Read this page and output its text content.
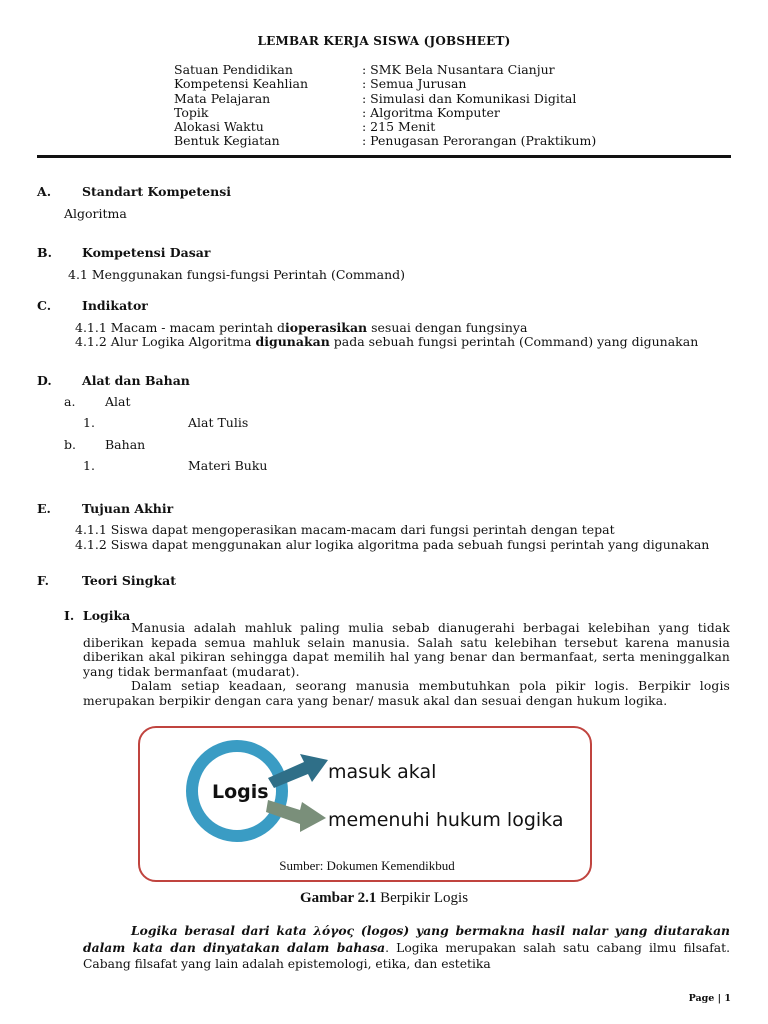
LEMBAR KERJA SISWA (JOBSHEET)
Satuan Pendidikan	: SMK Bela Nusantara Cianjur
Kompetensi Keahlian	: Semua Jurusan
Mata Pelajaran	: Simulasi dan Komunikasi Digital
Topik	: Algoritma Komputer
Alokasi Waktu	: 215 Menit
Bentuk Kegiatan	: Penugasan Perorangan (Praktikum)
A. Standart Kompetensi
Algoritma
B. Kompetensi Dasar
4.1 Menggunakan fungsi-fungsi Perintah (Command)
C. Indikator
4.1.1 Macam - macam perintah dioperasikan sesuai dengan fungsinya
4.1.2 Alur Logika Algoritma digunakan pada sebuah fungsi perintah (Command) yang digunakan
D. Alat dan Bahan
a. Alat
1.	Alat Tulis
b. Bahan
1.	Materi Buku
E. Tujuan Akhir
4.1.1 Siswa dapat mengoperasikan macam-macam dari fungsi perintah dengan tepat
4.1.2 Siswa dapat menggunakan alur logika algoritma pada sebuah fungsi perintah yang digunakan
F.	Teori Singkat
I.  Logika
Manusia adalah mahluk paling mulia sebab dianugerahi berbagai kelebihan yang tidak diberikan kepada semua mahluk selain manusia. Salah satu kelebihan tersebut karena manusia diberikan akal pikiran sehingga dapat memilih hal yang benar dan bermanfaat, serta meninggalkan yang tidak bermanfaat (mudarat).
Dalam setiap keadaan, seorang manusia membutuhkan pola pikir logis. Berpikir logis merupakan berpikir dengan cara yang benar/ masuk akal dan sesuai dengan hukum logika.
Logis
masuk akal
memenuhi hukum logika
Sumber: Dokumen Kemendikbud
Gambar 2.1 Berpikir Logis
Logika berasal dari kata λόγος (logos) yang bermakna hasil nalar yang diutarakan dalam kata dan dinyatakan dalam bahasa. Logika merupakan salah satu cabang ilmu filsafat. Cabang filsafat yang lain adalah epistemologi, etika, dan estetika
Page | 1
